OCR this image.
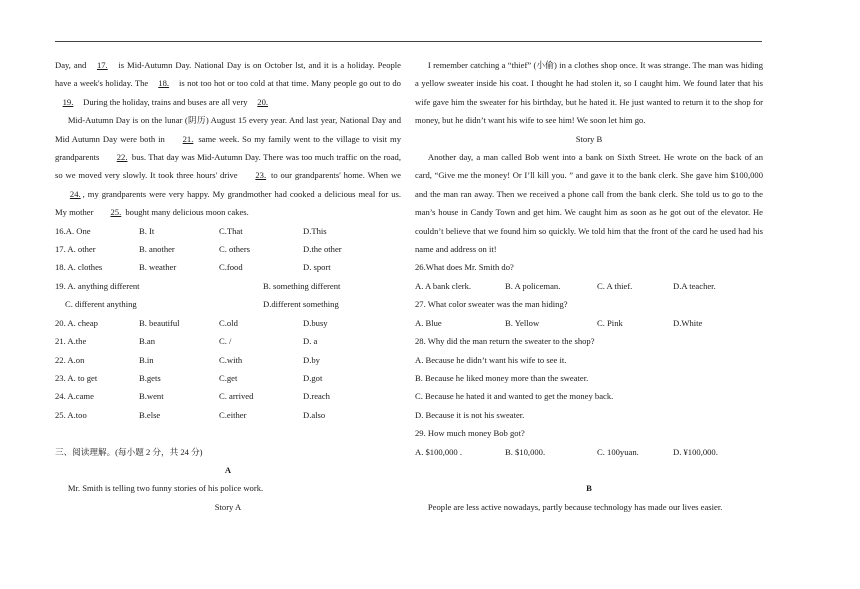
Day, and 17. is Mid-Autumn Day. National Day is on October lst, and it is a holiday. People have a week's holiday. The 18. is not too hot or too cold at that time. Many people go out to do 19. During the holiday, trains and buses are all very 20.

Mid-Autumn Day is on the lunar (阴历) August 15 every year. And last year, National Day and Mid Autumn Day were both in 21. same week. So my family went to the village to visit my grandparents 22. bus. That day was Mid-Autumn Day. There was too much traffic on the road, so we moved very slowly. It took three hours' drive 23. to our grandparents' home. When we 24. , my grandparents were very happy. My grandmother had cooked a delicious meal for us. My mother 25. bought many delicious moon cakes.

16.A. One	B. It	C.That	D.This
17. A. other	B. another	C. others	D.the other
18. A. clothes	B. weather	C.food	D. sport
19. A. anything different	B. something different
C. different anything	D.different something
20. A. cheap	B. beautiful	C.old	D.busy
21. A.the	B.an	C. /	D. a
22. A.on	B.in	C.with	D.by
23. A. to get	B.gets	C.get	D.got
24. A.came	B.went	C. arrived	D.reach
25. A.too	B.else	C.either	D.also

三、阅读理解。(每小题 2 分，共 24 分)

A

Mr. Smith is telling two funny stories of his police work.

Story A

I remember catching a “thief” (小偷) in a clothes shop once. It was strange. The man was hiding a yellow sweater inside his coat. I thought he had stolen it, so I caught him. We found later that his wife gave him the sweater for his birthday, but he hated it. He just wanted to return it to the shop for money, but he didn’t want his wife to see him! We soon let him go.

Story B

Another day, a man called Bob went into a bank on Sixth Street. He wrote on the back of an card, “Give me the money! Or I’ll kill you. ” and gave it to the bank clerk. She gave him $100,000 and the man ran away. Then we received a phone call from the bank clerk. She told us to go to the man’s house in Candy Town and get him. We caught him as soon as he got out of the elevator. He couldn’t believe that we found him so quickly. We told him that the front of the card he used had his name and address on it!

26.What does Mr. Smith do?

A. A bank clerk.	B. A policeman.	C. A thief.	D.A teacher.

27. What color sweater was the man hiding?

A. Blue	B. Yellow	C. Pink	D.White

28. Why did the man return the sweater to the shop?

A. Because he didn’t want his wife to see it.

B. Because he liked money more than the sweater.

C. Because he hated it and wanted to get the money back.

D. Because it is not his sweater.

29. How much money Bob got?

A. $100,000 .	B. $10,000.	C. 100yuan.	D. ¥100,000.

B

People are less active nowadays, partly because technology has made our lives easier.
